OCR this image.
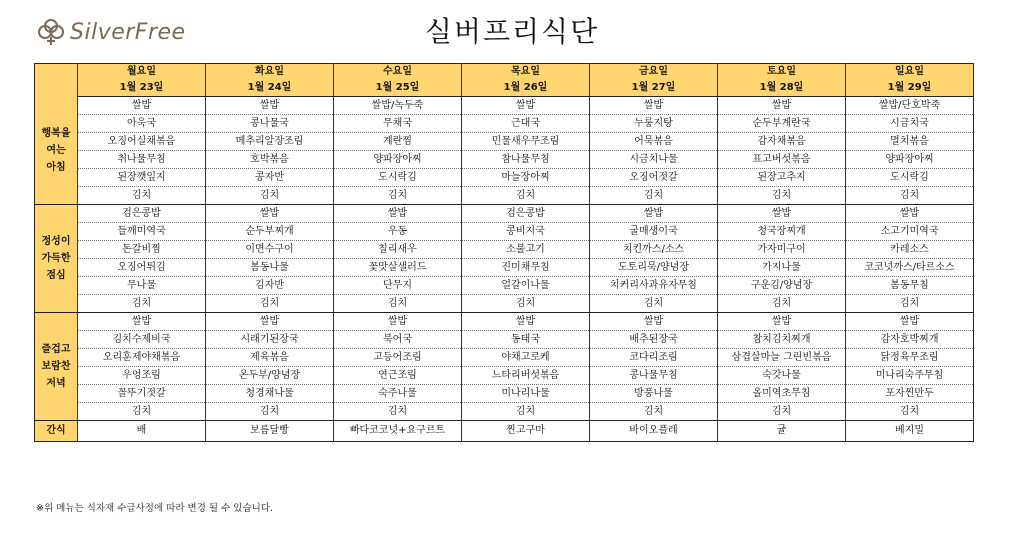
SilverFree	실버프리식단
	월요일	화요일	수요일	목요일	금요일	토요일	일요일
	1월 23일	1월 24일	1월 25일	1월 26일	1월 27일	1월 28일	1월 29일

행복을
여는
아침	쌀밥	쌀밥	쌀밥/녹두죽	쌀밥	쌀밥	쌀밥	쌀밥/단호박죽
	아욱국	콩나물국	무채국	근대국	누룽지탕	순두부계란국	시금치국
	오징어실채볶음	메추리알장조림	계란찜	민물새우무조림	어묵볶음	감자채볶음	멸치볶음
	취나물무침	호박볶음	양파장아찌	참나물무침	시금치나물	표고버섯볶음	양파장아찌
	된장깻잎지	콩자반	도시락김	마늘장아찌	오징어젓갈	된장고추지	도시락김
	김치	김치	김치	김치	김치	김치	김치

정성이
가득한
점심	검은콩밥	쌀밥	쌀밥	검은콩밥	쌀밥	쌀밥	쌀밥
	들깨미역국	순두부찌개	우동	콩비지국	굴매생이국	청국장찌개	소고기미역국
	돈갈비찜	이면수구이	칠리새우	소불고기	치킨까스/소스	가자미구이	카레소스
	오징어튀김	봄동나물	꽃맛살샐러드	진미채무침	도토리묵/양념장	가지나물	코코넛까스/타르소스
	무나물	김자반	단무지	얼갈이나물	치커리사과유자무침	구운김/양념장	봄동무침
	김치	김치	김치	김치	김치	김치	김치

즐겁고
보람찬
저녁	쌀밥	쌀밥	쌀밥	쌀밥	쌀밥	쌀밥	쌀밥
	김치수제비국	시래기된장국	북어국	동태국	배추된장국	참치김치찌개	감자호박찌개
	오리훈제야채볶음	제육볶음	고등어조림	야채고로케	코다리조림	삼겹살마늘 그린빈볶음	닭정육무조림
	우엉조림	온두부/양념장	연근조림	느타리버섯볶음	콩나물무침	숙갓나물	미나리숙주무침
	꼴뚜기젓갈	청경채나물	숙주나물	미나리나물	방풍나물	올미역초무침	포자찐만두
	김치	김치	김치	김치	김치	김치	김치
간식	배	보름달빵	빠다코코넛+요구르트	찐고구마	바이오플레	귤	베지밀
※위 메뉴는 식자재 수급사정에 따라 변경 될 수 있습니다.
